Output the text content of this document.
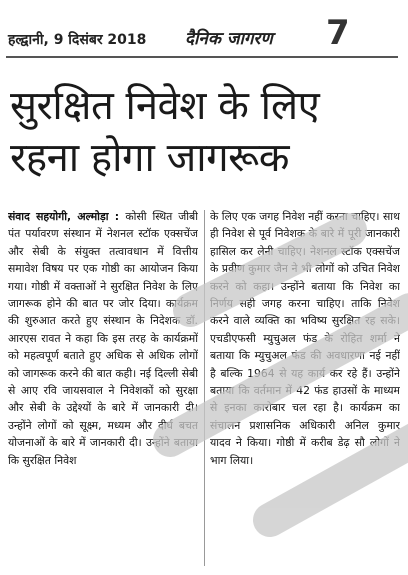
हल्द्वानी, 9 दिसंबर 2018 दैनिक जागरण 7
सुरक्षित निवेश के लिए रहना होगा जागरूक
संवाद सहयोगी, अल्मोड़ा : कोसी स्थित जीबी पंत पर्यावरण संस्थान में नेशनल स्टॉक एक्सचेंज और सेबी के संयुक्त तत्वावधान में वित्तीय समावेश विषय पर एक गोष्ठी का आयोजन किया गया। गोष्ठी में वक्ताओं ने सुरक्षित निवेश के लिए जागरूक होने की बात पर जोर दिया। कार्यक्रम की शुरुआत करते हुए संस्थान के निदेशक डॉ. आरएस रावत ने कहा कि इस तरह के कार्यक्रमों को महत्वपूर्ण बताते हुए अधिक से अधिक लोगों को जागरूक करने की बात कही। नई दिल्ली सेबी से आए रवि जायसवाल ने निवेशकों को सुरक्षा और सेबी के उद्देश्यों के बारे में जानकारी दी। उन्होंने लोगों को सूक्ष्म, मध्यम और दीर्घ बचत योजनाओं के बारे में जानकारी दी। उन्होंने बताया कि सुरक्षित निवेश
के लिए एक जगह निवेश नहीं करना चाहिए। साथ ही निवेश से पूर्व निवेशक के बारे में पूरी जानकारी हासिल कर लेनी चाहिए। नेशनल स्टॉक एक्सचेंज के प्रवीण कुमार जैन ने भी लोगों को उचित निवेश करने को कहा। उन्होंने बताया कि निवेश का निर्णय सही जगह करना चाहिए। ताकि निवेश करने वाले व्यक्ति का भविष्य सुरक्षित रह सके। एचडीएफसी म्युचुअल फंड के रोहित शर्मा ने बताया कि म्युचुअल फंड की अवधारणा नई नहीं है बल्कि 1964 से यह कार्य कर रहे हैं। उन्होंने बताया कि वर्तमान में 42 फंड हाउसों के माध्यम से इनका कारोबार चल रहा है। कार्यक्रम का संचालन प्रशासनिक अधिकारी अनिल कुमार यादव ने किया। गोष्ठी में करीब डेढ़ सौ लोगों ने भाग लिया।
